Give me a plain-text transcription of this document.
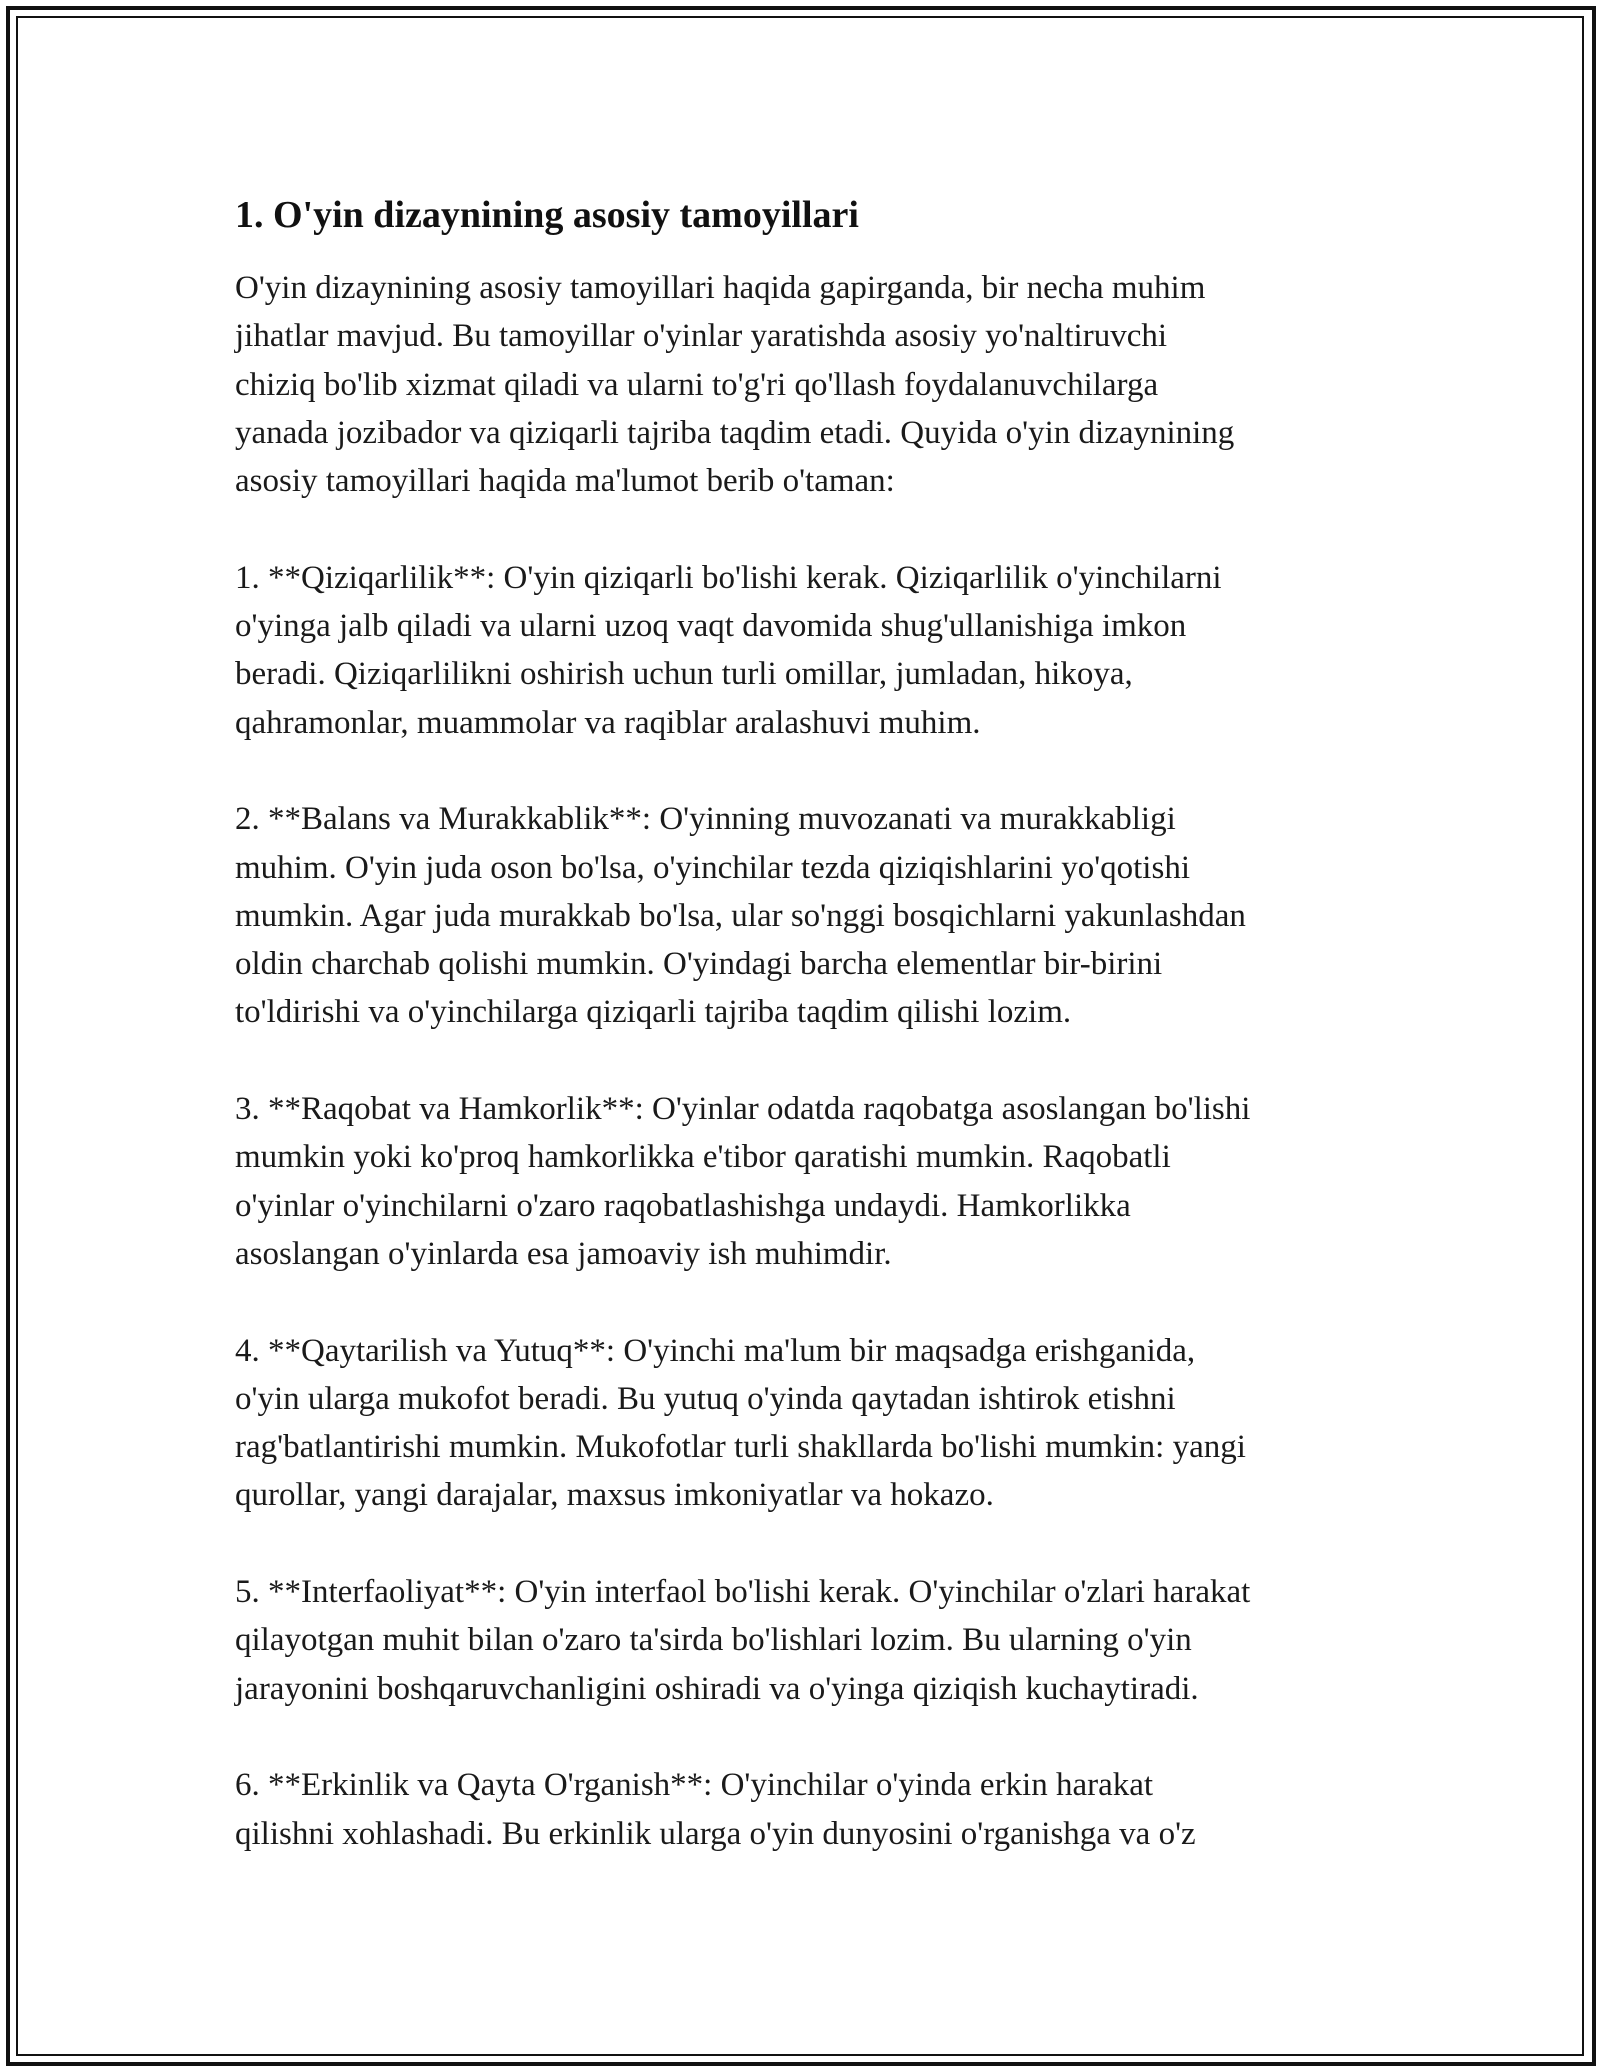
1. O'yin dizaynining asosiy tamoyillari

O'yin dizaynining asosiy tamoyillari haqida gapirganda, bir necha muhim
jihatlar mavjud. Bu tamoyillar o'yinlar yaratishda asosiy yo'naltiruvchi
chiziq bo'lib xizmat qiladi va ularni to'g'ri qo'llash foydalanuvchilarga
yanada jozibador va qiziqarli tajriba taqdim etadi. Quyida o'yin dizaynining
asosiy tamoyillari haqida ma'lumot berib o'taman:

1. **Qiziqarlilik**: O'yin qiziqarli bo'lishi kerak. Qiziqarlilik o'yinchilarni
o'yinga jalb qiladi va ularni uzoq vaqt davomida shug'ullanishiga imkon
beradi. Qiziqarlilikni oshirish uchun turli omillar, jumladan, hikoya,
qahramonlar, muammolar va raqiblar aralashuvi muhim.

2. **Balans va Murakkablik**: O'yinning muvozanati va murakkabligi
muhim. O'yin juda oson bo'lsa, o'yinchilar tezda qiziqishlarini yo'qotishi
mumkin. Agar juda murakkab bo'lsa, ular so'nggi bosqichlarni yakunlashdan
oldin charchab qolishi mumkin. O'yindagi barcha elementlar bir-birini
to'ldirishi va o'yinchilarga qiziqarli tajriba taqdim qilishi lozim.

3. **Raqobat va Hamkorlik**: O'yinlar odatda raqobatga asoslangan bo'lishi
mumkin yoki ko'proq hamkorlikka e'tibor qaratishi mumkin. Raqobatli
o'yinlar o'yinchilarni o'zaro raqobatlashishga undaydi. Hamkorlikka
asoslangan o'yinlarda esa jamoaviy ish muhimdir.

4. **Qaytarilish va Yutuq**: O'yinchi ma'lum bir maqsadga erishganida,
o'yin ularga mukofot beradi. Bu yutuq o'yinda qaytadan ishtirok etishni
rag'batlantirishi mumkin. Mukofotlar turli shakllarda bo'lishi mumkin: yangi
qurollar, yangi darajalar, maxsus imkoniyatlar va hokazo.

5. **Interfaoliyat**: O'yin interfaol bo'lishi kerak. O'yinchilar o'zlari harakat
qilayotgan muhit bilan o'zaro ta'sirda bo'lishlari lozim. Bu ularning o'yin
jarayonini boshqaruvchanligini oshiradi va o'yinga qiziqish kuchaytiradi.

6. **Erkinlik va Qayta O'rganish**: O'yinchilar o'yinda erkin harakat
qilishni xohlashadi. Bu erkinlik ularga o'yin dunyosini o'rganishga va o'z
